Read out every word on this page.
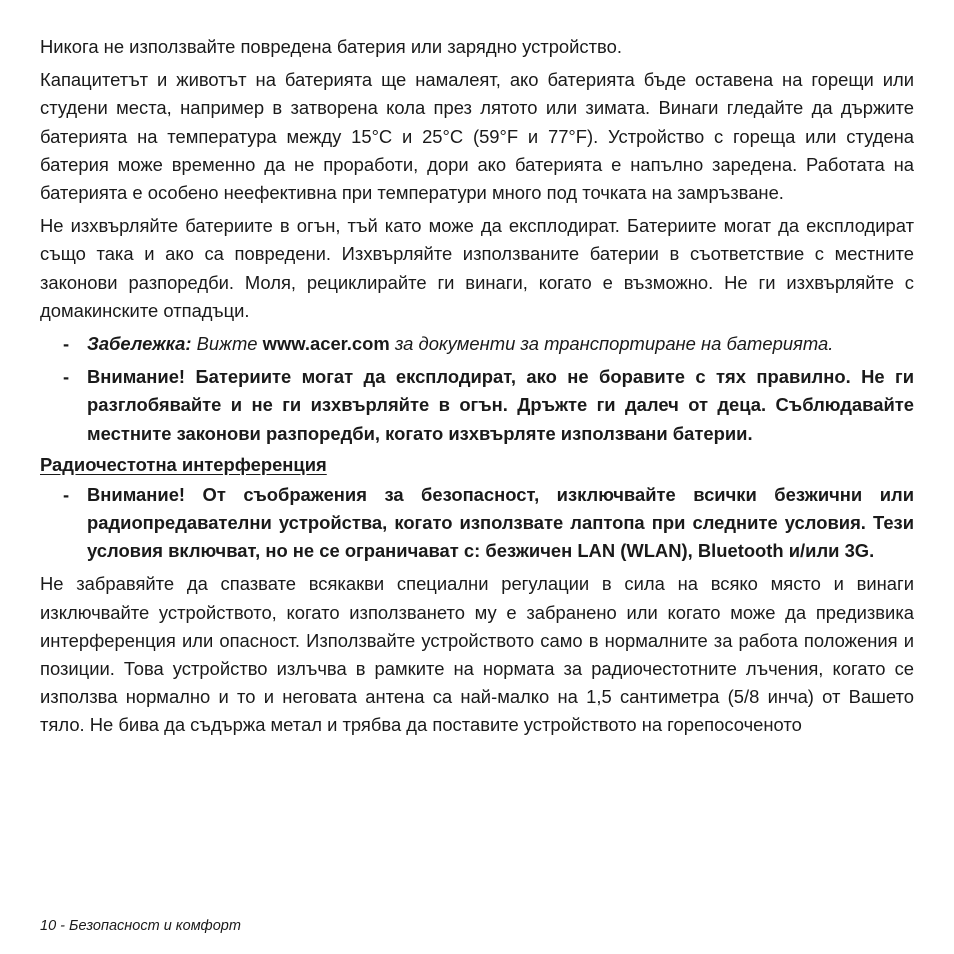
Никога не използвайте повредена батерия или зарядно устройство.

Капацитетът и животът на батерията ще намалеят, ако батерията бъде оставена на горещи или студени места, например в затворена кола през лятото или зимата. Винаги гледайте да държите батерията на температура между 15°C и 25°C (59°F и 77°F). Устройство с гореща или студена батерия може временно да не проработи, дори ако батерията е напълно заредена. Работата на батерията е особено неефективна при температури много под точката на замръзване.

Не изхвърляйте батериите в огън, тъй като може да експлодират. Батериите могат да експлодират също така и ако са повредени. Изхвърляйте използваните батерии в съответствие с местните законови разпоредби. Моля, рециклирайте ги винаги, когато е възможно. Не ги изхвърляйте с домакинските отпадъци.

- Забележка: Вижте www.acer.com за документи за транспортиране на батерията.
- Внимание! Батериите могат да експлодират, ако не боравите с тях правилно. Не ги разглобявайте и не ги изхвърляйте в огън. Дръжте ги далеч от деца. Съблюдавайте местните законови разпоредби, когато изхвърляте използвани батерии.
Радиочестотна интерференция
- Внимание! От съображения за безопасност, изключвайте всички безжични или радиопредавателни устройства, когато използвате лаптопа при следните условия. Тези условия включват, но не се ограничават с: безжичен LAN (WLAN), Bluetooth и/или 3G.

Не забравяйте да спазвате всякакви специални регулации в сила на всяко място и винаги изключвайте устройството, когато използването му е забранено или когато може да предизвика интерференция или опасност. Използвайте устройството само в нормалните за работа положения и позиции. Това устройство излъчва в рамките на нормата за радиочестотните лъчения, когато се използва нормално и то и неговата антена са най-малко на 1,5 сантиметра (5/8 инча) от Вашето тяло. Не бива да съдържа метал и трябва да поставите устройството на горепосоченото

10 - Безопасност и комфорт
